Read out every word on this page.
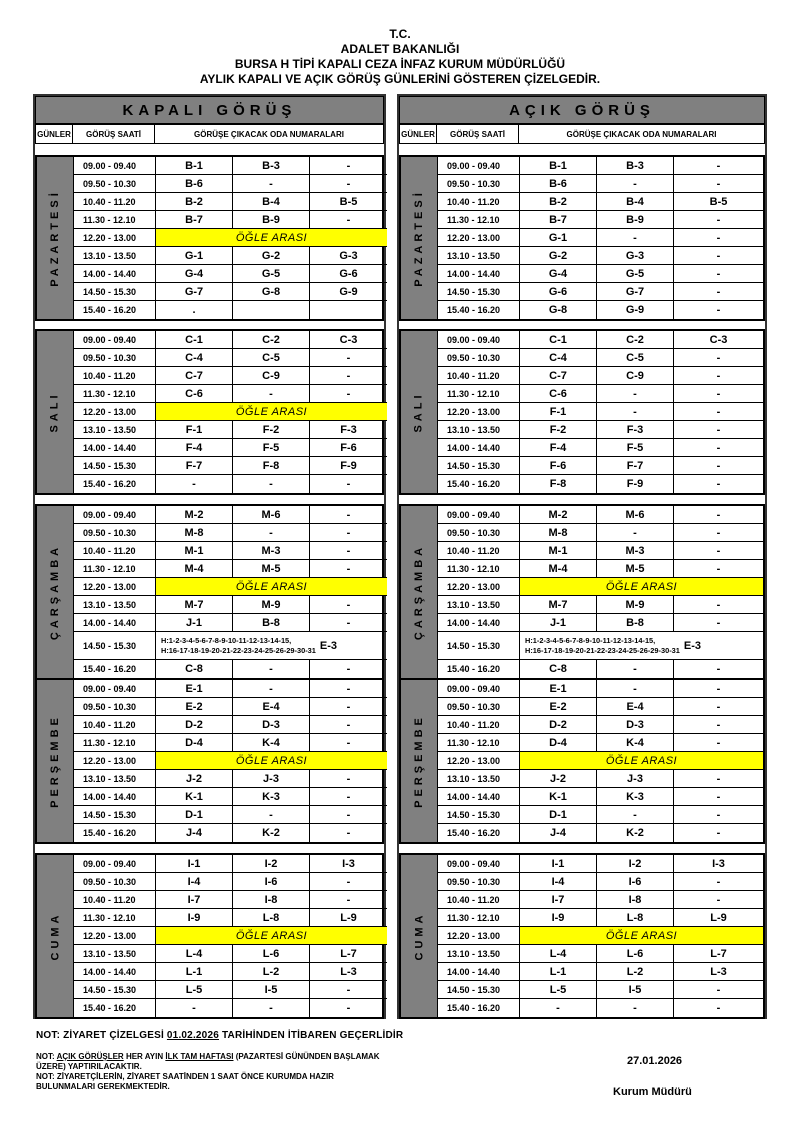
T.C.
ADALET BAKANLIĞI
BURSA H TİPİ KAPALI CEZA İNFAZ KURUM MÜDÜRLÜĞÜ
AYLIK KAPALI VE AÇIK GÖRÜŞ GÜNLERİNİ GÖSTEREN ÇİZELGEDİR.
KAPALI GÖRÜŞ	AÇIK GÖRÜŞ
GÜNLER	GÖRÜŞ SAATİ	GÖRÜŞE ÇIKACAK ODA NUMARALARI	GÜNLER	GÖRÜŞ SAATİ	GÖRÜŞE ÇIKACAK ODA NUMARALARI
PAZARTESİ
09.00 - 09.40	B-1	B-3	-
09.50 - 10.30	B-6	-	-
10.40 - 11.20	B-2	B-4	B-5
11.30 - 12.10	B-7	B-9	-
12.20 - 13.00	ÖĞLE ARASI
13.10 - 13.50	G-1	G-2	G-3
14.00 - 14.40	G-4	G-5	G-6
14.50 - 15.30	G-7	G-8	G-9
15.40 - 16.20	.
SALI
09.00 - 09.40	C-1	C-2	C-3
09.50 - 10.30	C-4	C-5	-
10.40 - 11.20	C-7	C-9	-
11.30 - 12.10	C-6	-	-
12.20 - 13.00	ÖĞLE ARASI
13.10 - 13.50	F-1	F-2	F-3
14.00 - 14.40	F-4	F-5	F-6
14.50 - 15.30	F-7	F-8	F-9
15.40 - 16.20	-	-	-
ÇARŞAMBA
09.00 - 09.40	M-2	M-6	-
09.50 - 10.30	M-8	-	-
10.40 - 11.20	M-1	M-3	-
11.30 - 12.10	M-4	M-5	-
12.20 - 13.00	ÖĞLE ARASI
13.10 - 13.50	M-7	M-9	-
14.00 - 14.40	J-1	B-8	-
14.50 - 15.30
H:1-2-3-4-5-6-7-8-9-10-11-12-13-14-15,
H:16-17-18-19-20-21-22-23-24-25-26-29-30-31 E-3
15.40 - 16.20	C-8	-	-
PERŞEMBE
09.00 - 09.40	E-1	-	-
09.50 - 10.30	E-2	E-4	-
10.40 - 11.20	D-2	D-3	-
11.30 - 12.10	D-4	K-4	-
12.20 - 13.00	ÖĞLE ARASI
13.10 - 13.50	J-2	J-3	-
14.00 - 14.40	K-1	K-3	-
14.50 - 15.30	D-1	-	-
15.40 - 16.20	J-4	K-2	-
CUMA
09.00 - 09.40	I-1	I-2	I-3
09.50 - 10.30	I-4	I-6	-
10.40 - 11.20	I-7	I-8	-
11.30 - 12.10	I-9	L-8	L-9
12.20 - 13.00	ÖĞLE ARASI
13.10 - 13.50	L-4	L-6	L-7
14.00 - 14.40	L-1	L-2	L-3
14.50 - 15.30	L-5	I-5	-
15.40 - 16.20	-	-	-
PAZARTESİ
09.00 - 09.40	B-1	B-3	-
09.50 - 10.30	B-6	-	-
10.40 - 11.20	B-2	B-4	B-5
11.30 - 12.10	B-7	B-9	-
12.20 - 13.00	G-1	-	-
13.10 - 13.50	G-2	G-3	-
14.00 - 14.40	G-4	G-5	-
14.50 - 15.30	G-6	G-7	-
15.40 - 16.20	G-8	G-9	-
SALI
09.00 - 09.40	C-1	C-2	C-3
09.50 - 10.30	C-4	C-5	-
10.40 - 11.20	C-7	C-9	-
11.30 - 12.10	C-6	-	-
12.20 - 13.00	F-1	-	-
13.10 - 13.50	F-2	F-3	-
14.00 - 14.40	F-4	F-5	-
14.50 - 15.30	F-6	F-7	-
15.40 - 16.20	F-8	F-9	-
ÇARŞAMBA
09.00 - 09.40	M-2	M-6	-
09.50 - 10.30	M-8	-	-
10.40 - 11.20	M-1	M-3	-
11.30 - 12.10	M-4	M-5	-
12.20 - 13.00	ÖĞLE ARASI
13.10 - 13.50	M-7	M-9	-
14.00 - 14.40	J-1	B-8	-
14.50 - 15.30
H:1-2-3-4-5-6-7-8-9-10-11-12-13-14-15,
H:16-17-18-19-20-21-22-23-24-25-26-29-30-31 E-3
15.40 - 16.20	C-8	-	-
PERŞEMBE
09.00 - 09.40	E-1	-	-
09.50 - 10.30	E-2	E-4	-
10.40 - 11.20	D-2	D-3	-
11.30 - 12.10	D-4	K-4	-
12.20 - 13.00	ÖĞLE ARASI
13.10 - 13.50	J-2	J-3	-
14.00 - 14.40	K-1	K-3	-
14.50 - 15.30	D-1	-	-
15.40 - 16.20	J-4	K-2	-
CUMA
09.00 - 09.40	I-1	I-2	I-3
09.50 - 10.30	I-4	I-6	-
10.40 - 11.20	I-7	I-8	-
11.30 - 12.10	I-9	L-8	L-9
12.20 - 13.00	ÖĞLE ARASI
13.10 - 13.50	L-4	L-6	L-7
14.00 - 14.40	L-1	L-2	L-3
14.50 - 15.30	L-5	I-5	-
15.40 - 16.20	-	-	-
NOT: ZİYARET ÇİZELGESİ 01.02.2026 TARİHİNDEN İTİBAREN GEÇERLİDİR
NOT: AÇIK GÖRÜŞLER HER AYIN İLK TAM HAFTASI (PAZARTESİ GÜNÜNDEN BAŞLAMAK
ÜZERE) YAPTIRILACAKTIR.
NOT: ZİYARETÇİLERİN, ZİYARET SAATİNDEN 1 SAAT ÖNCE KURUMDA HAZIR
BULUNMALARI GEREKMEKTEDİR.
27.01.2026
Kurum Müdürü
